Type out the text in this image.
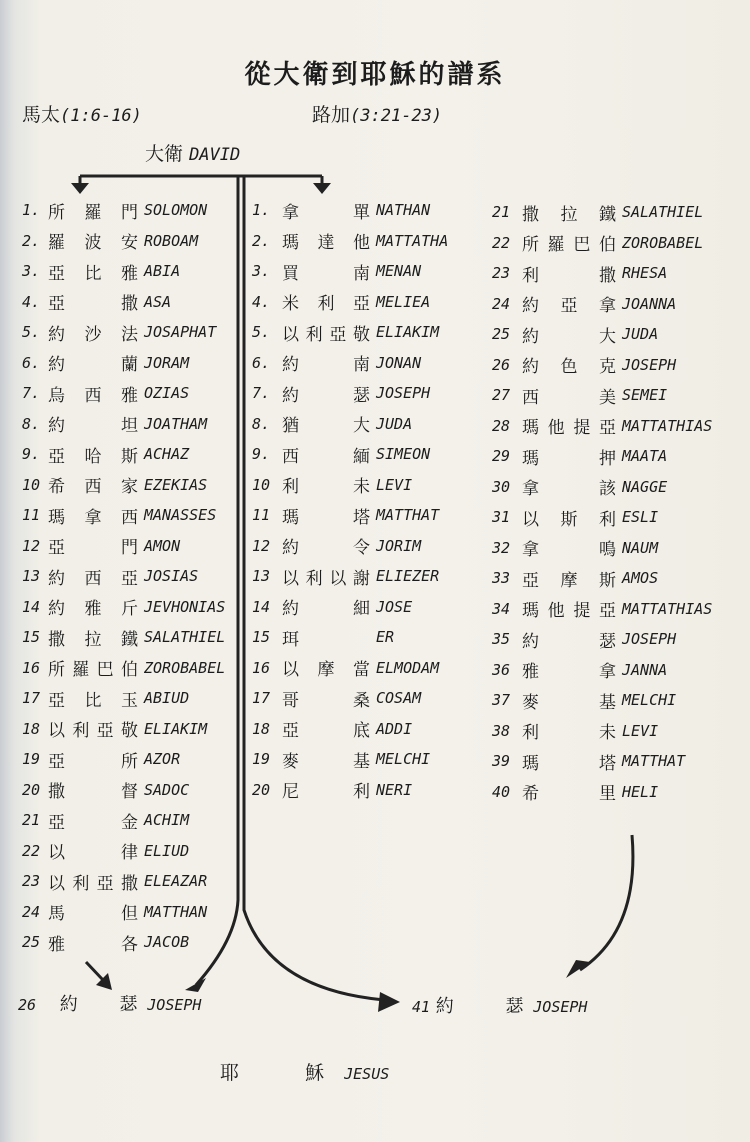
從大衛到耶穌的譜系
馬太(1:6-16)	路加(3:21-23)
大衛 DAVID
1. 所 羅 門 SOLOMON
2. 羅 波 安 ROBOAM
3. 亞 比 雅 ABIA
4. 亞	撒 ASA
5. 約 沙 法 JOSAPHAT
6. 約	蘭 JORAM
7. 烏 西 雅 OZIAS
8. 約	坦 JOATHAM
9. 亞 哈 斯 ACHAZ
10 希 西 家 EZEKIAS
11 瑪 拿 西 MANASSES
12 亞	門 AMON
13 約 西 亞 JOSIAS
14 約 雅 斤 JEVHONIAS
15 撒 拉 鐵 SALATHIEL
16 所 羅 巴 伯 ZOROBABEL
17 亞 比 玉 ABIUD
18 以 利 亞 敬 ELIAKIM
19 亞	所 AZOR
20 撒	督 SADOC
21 亞	金 ACHIM
22 以	律 ELIUD
23 以 利 亞 撒 ELEAZAR
24 馬	但 MATTHAN
25 雅	各 JACOB
1. 拿	單 NATHAN
2. 瑪 達 他 MATTATHA
3. 買	南 MENAN
4. 米 利 亞 MELIEA
5. 以 利 亞 敬 ELIAKIM
6. 約	南 JONAN
7. 約	瑟 JOSEPH
8. 猶	大 JUDA
9. 西	緬 SIMEON
10 利	未 LEVI
11 瑪	塔 MATTHAT
12 約	令 JORIM
13 以 利 以 謝 ELIEZER
14 約	細 JOSE
15 珥	ER
16 以 摩 當 ELMODAM
17 哥	桑 COSAM
18 亞	底 ADDI
19 麥	基 MELCHI
20 尼	利 NERI
21 撒 拉 鐵 SALATHIEL
22 所 羅 巴 伯 ZOROBABEL
23 利	撒 RHESA
24 約 亞 拿 JOANNA
25 約	大 JUDA
26 約 色 克 JOSEPH
27 西	美 SEMEI
28 瑪 他 提 亞 MATTATHIAS
29 瑪	押 MAATA
30 拿	該 NAGGE
31 以 斯 利 ESLI
32 拿	鳴 NAUM
33 亞 摩 斯 AMOS
34 瑪 他 提 亞 MATTATHIAS
35 約	瑟 JOSEPH
36 雅	拿 JANNA
37 麥	基 MELCHI
38 利	未 LEVI
39 瑪	塔 MATTHAT
40 希	里 HELI
26 約 瑟 JOSEPH	41 約	瑟 JOSEPH
耶	穌 JESUS
